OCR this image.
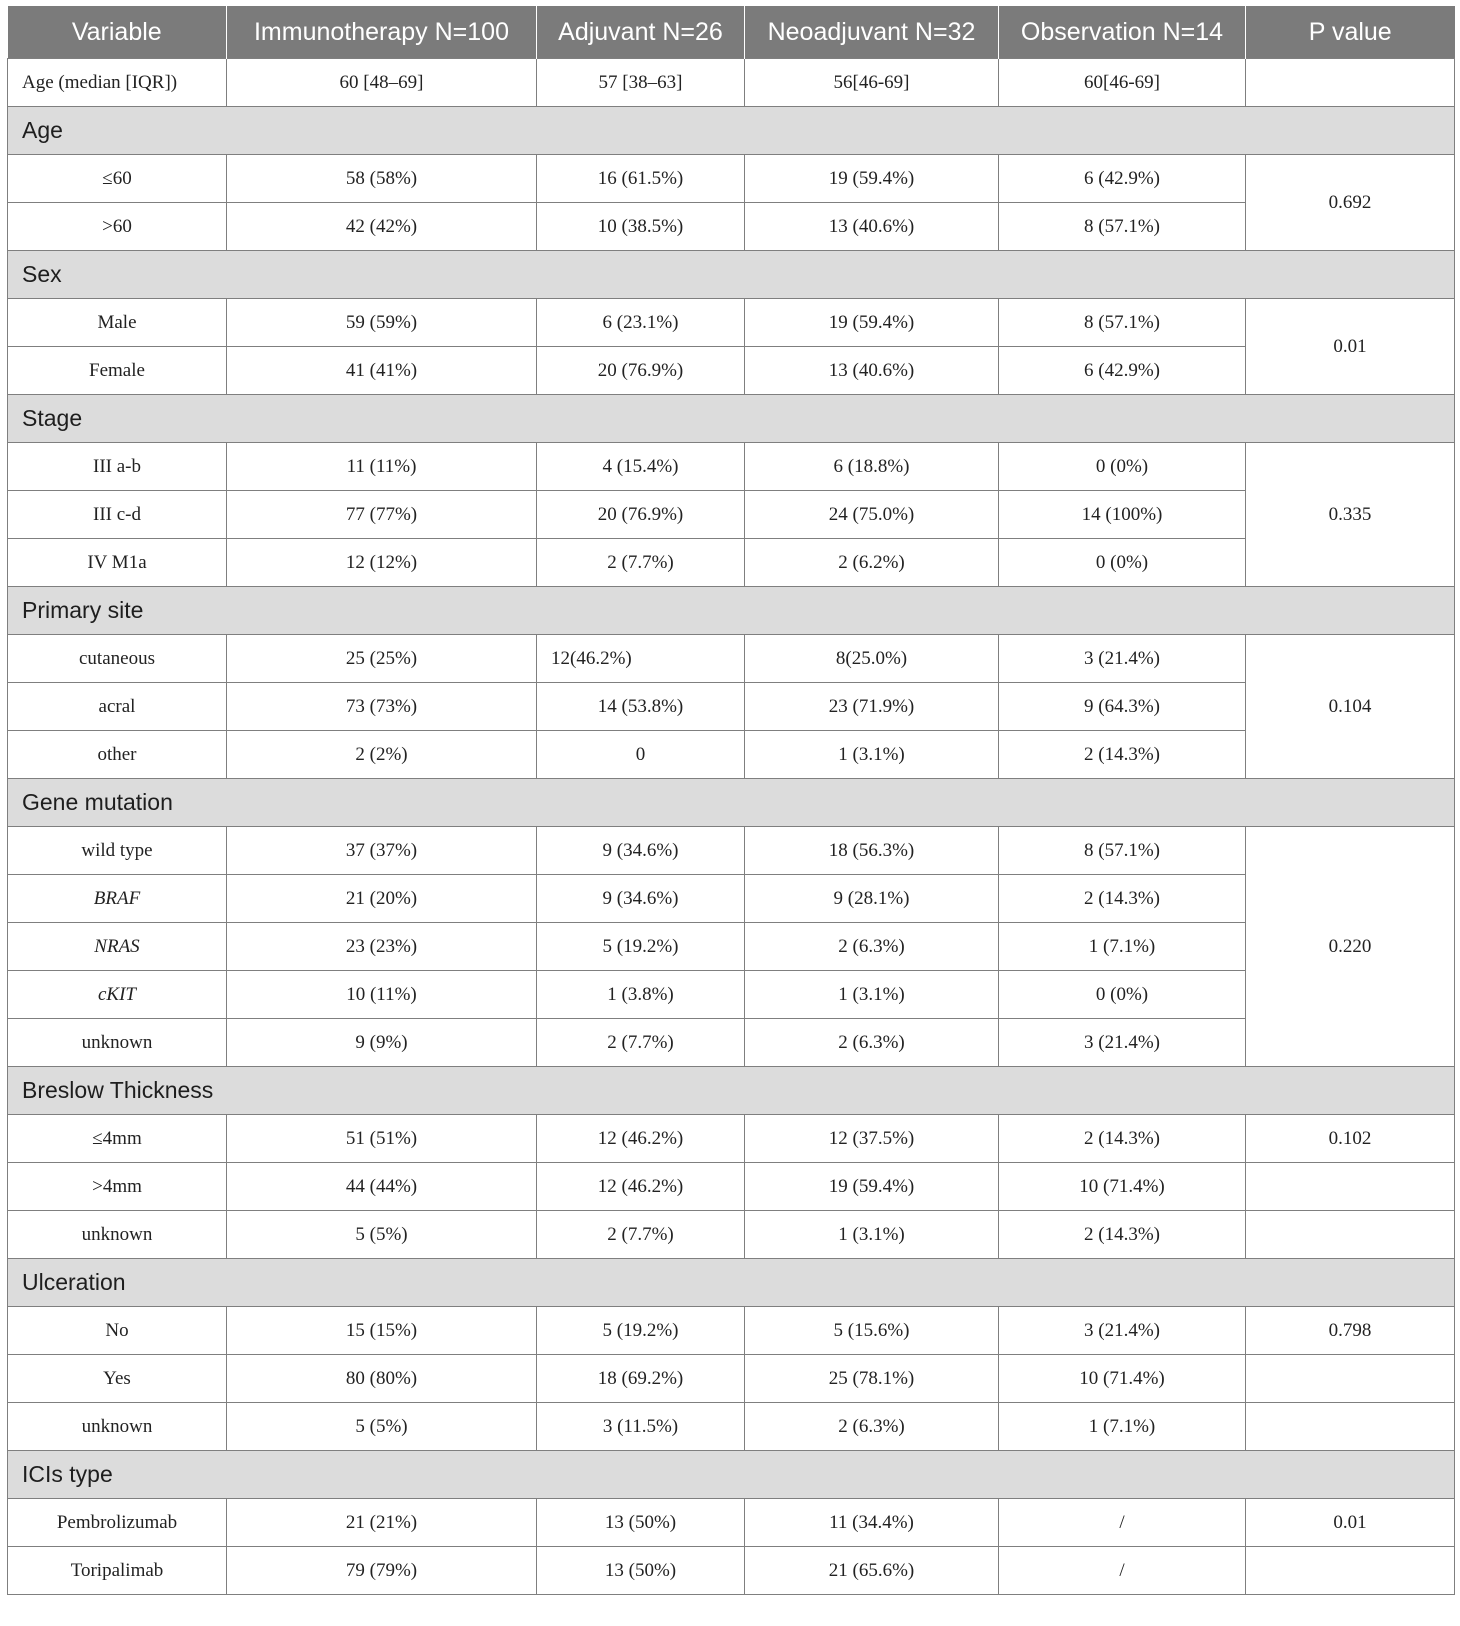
Variable	Immunotherapy N=100	Adjuvant N=26	Neoadjuvant N=32	Observation N=14	P value
Age (median [IQR])	60 [48–69]	57 [38–63]	56[46-69]	60[46-69]	
Age					
≤60	58 (58%)	16 (61.5%)	19 (59.4%)	6 (42.9%)	0.692
>60	42 (42%)	10 (38.5%)	13 (40.6%)	8 (57.1%)	
Sex					
Male	59 (59%)	6 (23.1%)	19 (59.4%)	8 (57.1%)	0.01
Female	41 (41%)	20 (76.9%)	13 (40.6%)	6 (42.9%)	
Stage					
III a-b	11 (11%)	4 (15.4%)	6 (18.8%)	0 (0%)	0.335
III c-d	77 (77%)	20 (76.9%)	24 (75.0%)	14 (100%)	
IV M1a	12 (12%)	2 (7.7%)	2 (6.2%)	0 (0%)	
Primary site					
cutaneous	25 (25%)	12(46.2%)	8(25.0%)	3 (21.4%)	0.104
acral	73 (73%)	14 (53.8%)	23 (71.9%)	9 (64.3%)	
other	2 (2%)	0	1 (3.1%)	2 (14.3%)	
Gene mutation					
wild type	37 (37%)	9 (34.6%)	18 (56.3%)	8 (57.1%)	0.220
BRAF	21 (20%)	9 (34.6%)	9 (28.1%)	2 (14.3%)	
NRAS	23 (23%)	5 (19.2%)	2 (6.3%)	1 (7.1%)	
cKIT	10 (11%)	1 (3.8%)	1 (3.1%)	0 (0%)	
unknown	9 (9%)	2 (7.7%)	2 (6.3%)	3 (21.4%)	
Breslow Thickness					
≤4mm	51 (51%)	12 (46.2%)	12 (37.5%)	2 (14.3%)	0.102
>4mm	44 (44%)	12 (46.2%)	19 (59.4%)	10 (71.4%)	
unknown	5 (5%)	2 (7.7%)	1 (3.1%)	2 (14.3%)	
Ulceration					
No	15 (15%)	5 (19.2%)	5 (15.6%)	3 (21.4%)	0.798
Yes	80 (80%)	18 (69.2%)	25 (78.1%)	10 (71.4%)	
unknown	5 (5%)	3 (11.5%)	2 (6.3%)	1 (7.1%)	
ICIs type					
Pembrolizumab	21 (21%)	13 (50%)	11 (34.4%)	/	0.01
Toripalimab	79 (79%)	13 (50%)	21 (65.6%)	/	
